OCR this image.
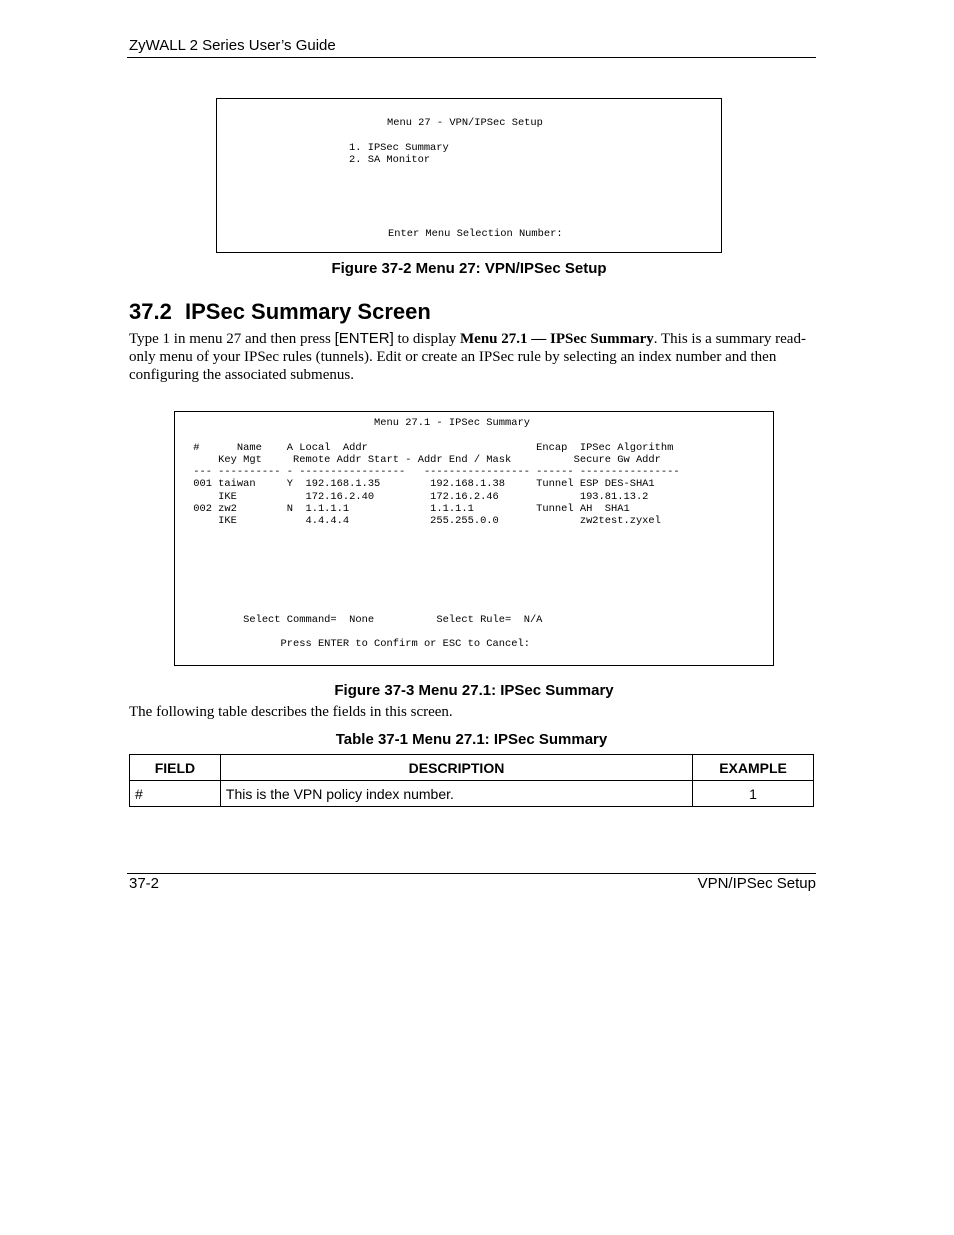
ZyWALL 2 Series User’s Guide
Menu 27 - VPN/IPSec Setup
1. IPSec Summary
2. SA Monitor
Enter Menu Selection Number:
Figure 37-2 Menu 27: VPN/IPSec Setup
37.2 IPSec Summary Screen
Type 1 in menu 27 and then press [ENTER] to display Menu 27.1 — IPSec Summary. This is a summary read-only menu of your IPSec rules (tunnels). Edit or create an IPSec rule by selecting an index number and then configuring the associated submenus.
Menu 27.1 - IPSec Summary

#      Name    A Local  Addr                           Encap  IPSec Algorithm
Key Mgt     Remote Addr Start - Addr End / Mask          Secure Gw Addr
--- ---------- - -----------------   ----------------- ------ ----------------
001 taiwan     Y  192.168.1.35        192.168.1.38     Tunnel ESP DES-SHA1
IKE           172.16.2.40         172.16.2.46             193.81.13.2
002 zw2        N  1.1.1.1             1.1.1.1          Tunnel AH  SHA1
IKE           4.4.4.4             255.255.0.0             zw2test.zyxel

Select Command=  None          Select Rule=  N/A

Press ENTER to Confirm or ESC to Cancel:
Figure 37-3 Menu 27.1: IPSec Summary
The following table describes the fields in this screen.
Table 37-1 Menu 27.1: IPSec Summary
FIELD	DESCRIPTION	EXAMPLE
#	This is the VPN policy index number.	1
37-2	VPN/IPSec Setup
